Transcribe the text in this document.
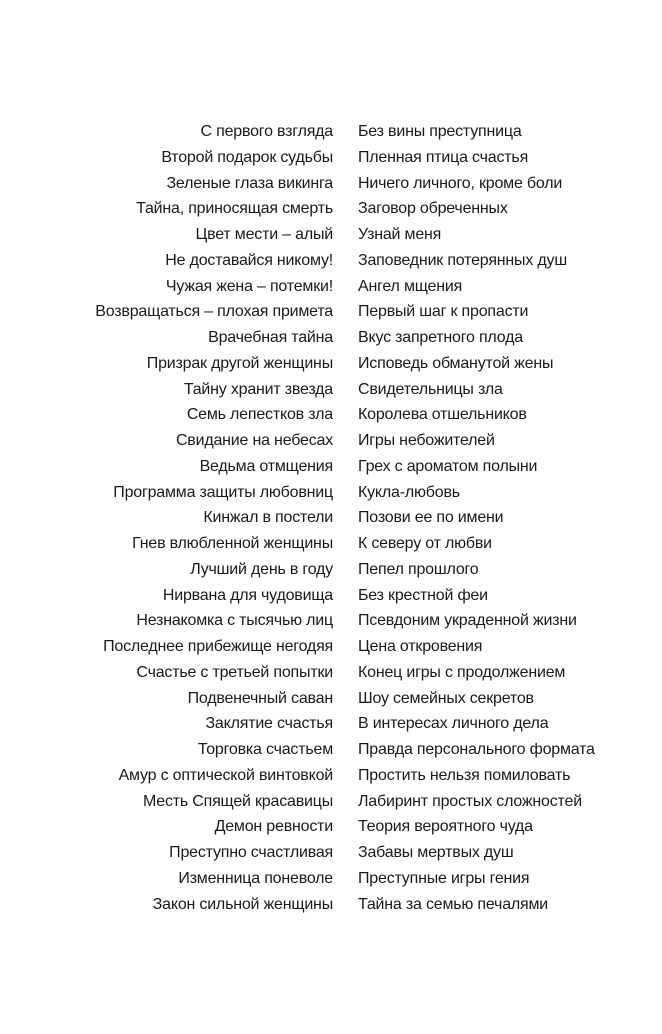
С первого взгляда Без вины преступница
Второй подарок судьбы Пленная птица счастья
Зеленые глаза викинга Ничего личного, кроме боли
Тайна, приносящая смерть Заговор обреченных
Цвет мести – алый Узнай меня
Не доставайся никому! Заповедник потерянных душ
Чужая жена – потемки! Ангел мщения
Возвращаться – плохая примета Первый шаг к пропасти
Врачебная тайна Вкус запретного плода
Призрак другой женщины Исповедь обманутой жены
Тайну хранит звезда Свидетельницы зла
Семь лепестков зла Королева отшельников
Свидание на небесах Игры небожителей
Ведьма отмщения Грех с ароматом полыни
Программа защиты любовниц Кукла-любовь
Кинжал в постели Позови ее по имени
Гнев влюбленной женщины К северу от любви
Лучший день в году Пепел прошлого
Нирвана для чудовища Без крестной феи
Незнакомка с тысячью лиц Псевдоним украденной жизни
Последнее прибежище негодяя Цена откровения
Счастье с третьей попытки Конец игры с продолжением
Подвенечный саван Шоу семейных секретов
Заклятие счастья В интересах личного дела
Торговка счастьем Правда персонального формата
Амур с оптической винтовкой Простить нельзя помиловать
Месть Спящей красавицы Лабиринт простых сложностей
Демон ревности Теория вероятного чуда
Преступно счастливая Забавы мертвых душ
Изменница поневоле Преступные игры гения
Закон сильной женщины Тайна за семью печалями
